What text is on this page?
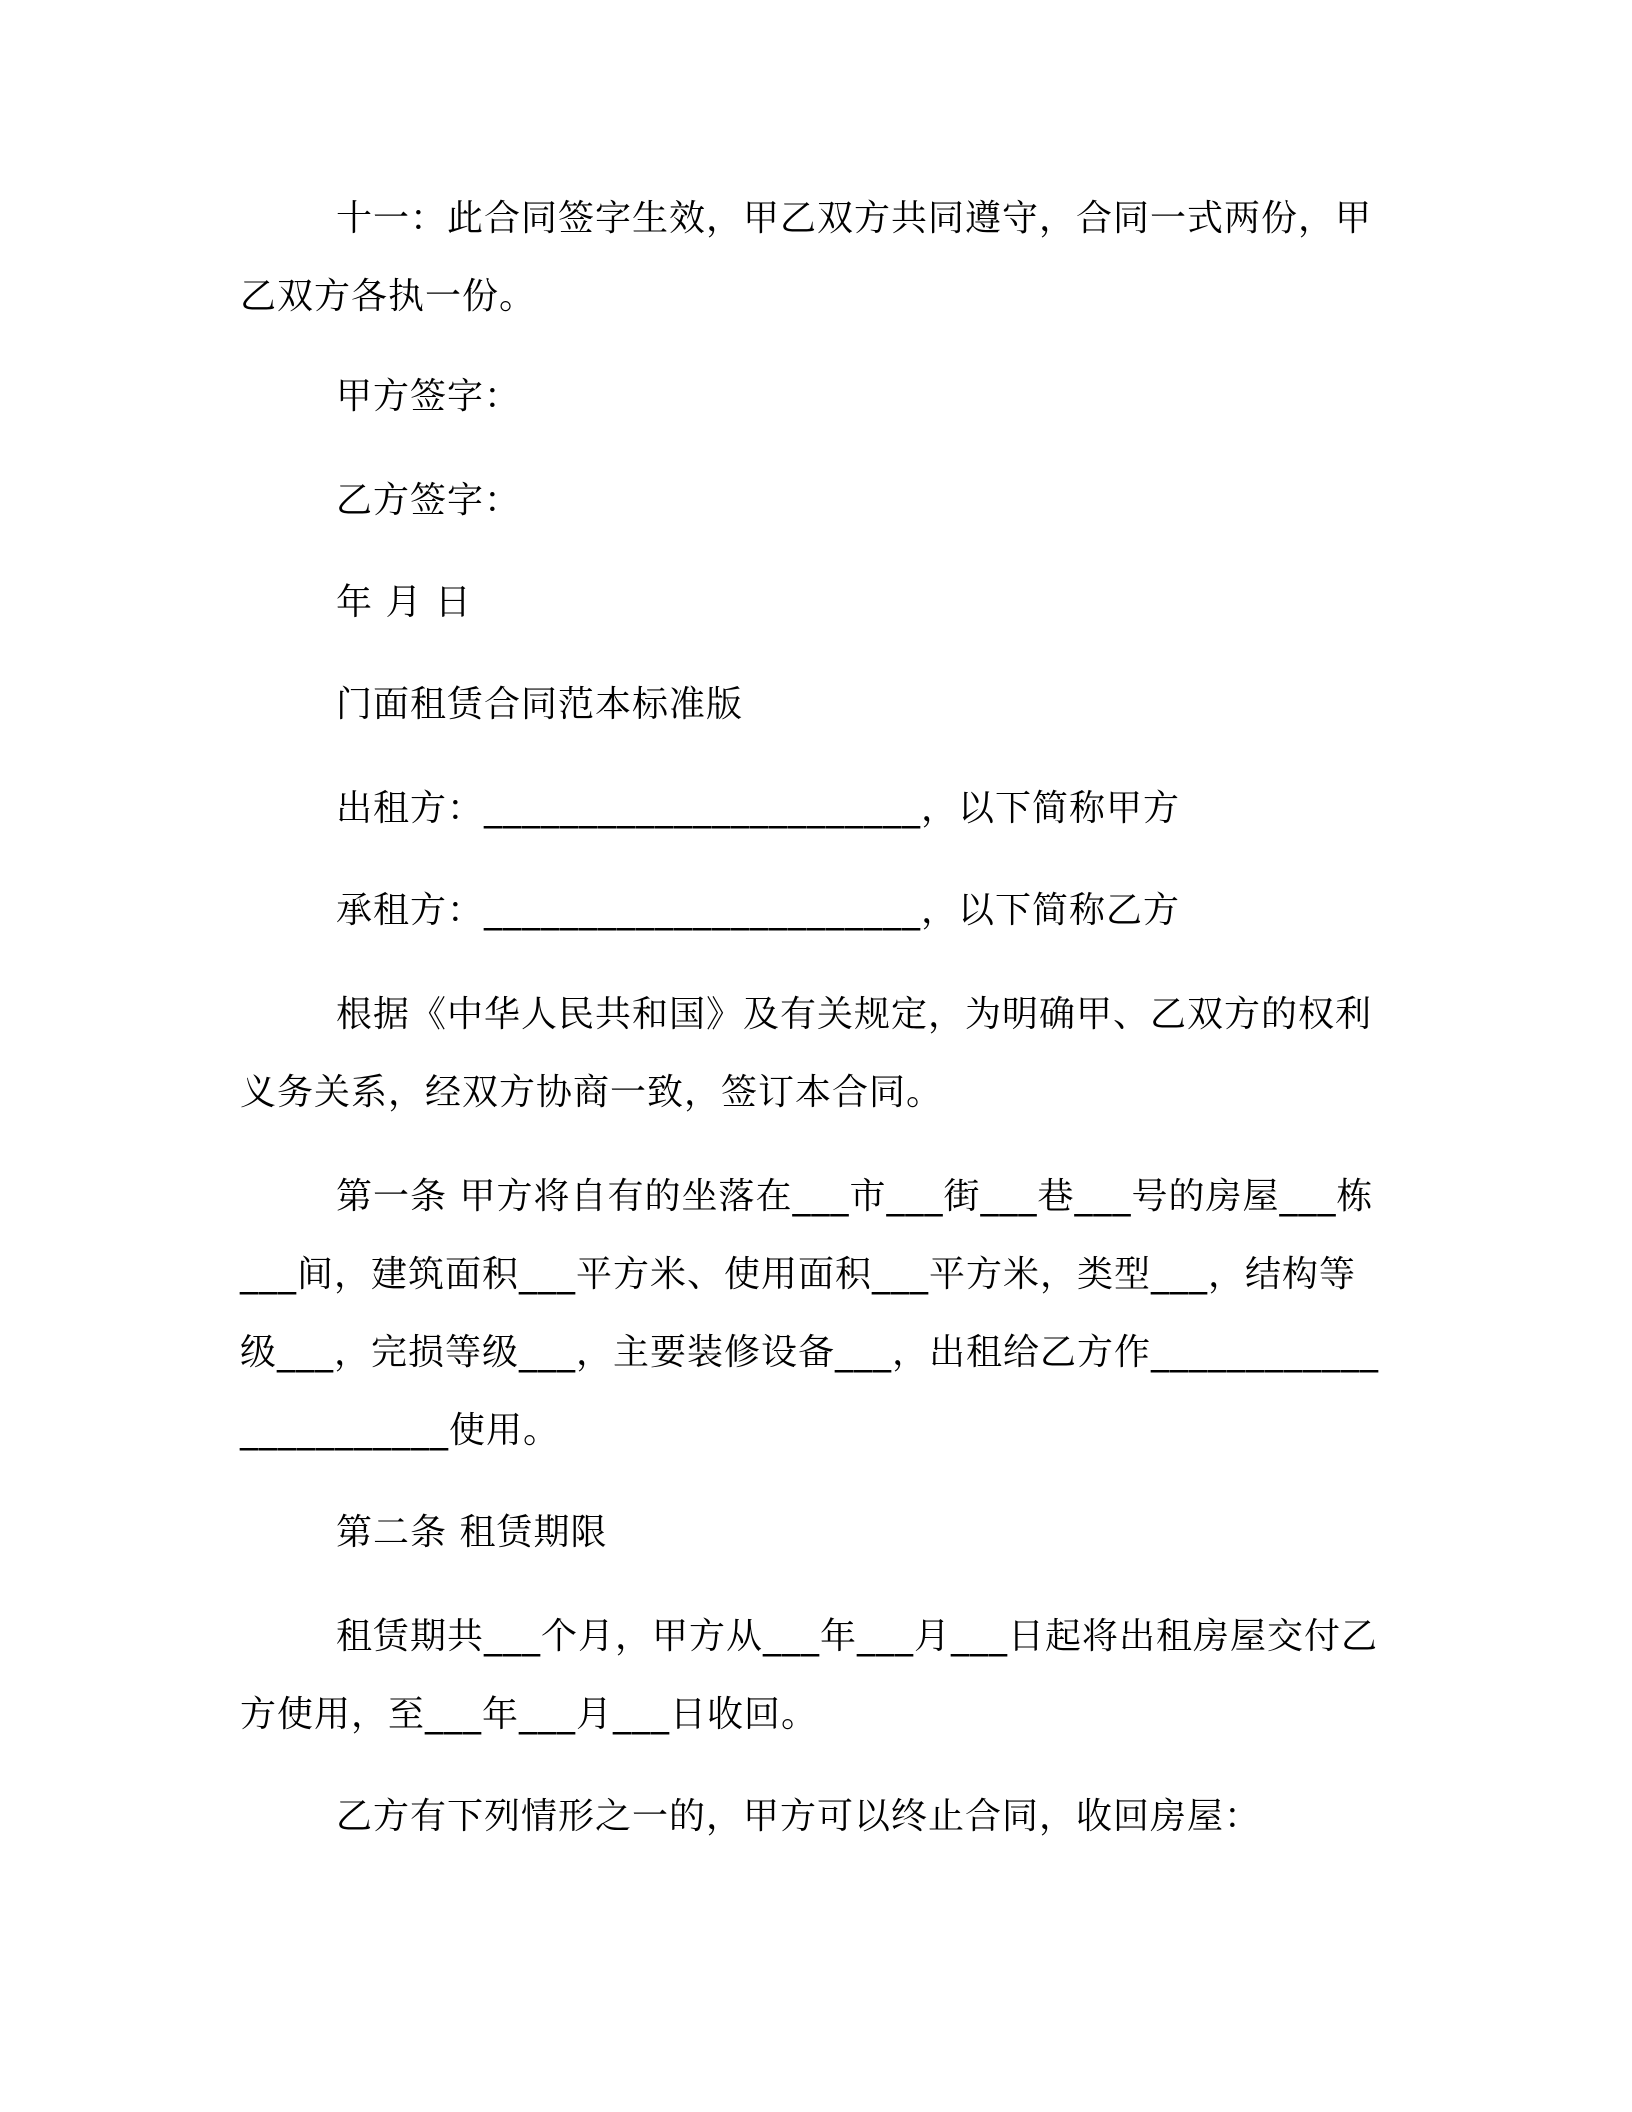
十一：此合同签字生效，甲乙双方共同遵守，合同一式两份，甲乙双方各执一份。

甲方签字：

乙方签字：

年 月 日

门面租赁合同范本标准版

出租方：_______________________，以下简称甲方

承租方：_______________________，以下简称乙方

根据《中华人民共和国》及有关规定，为明确甲、乙双方的权利义务关系，经双方协商一致，签订本合同。

第一条 甲方将自有的坐落在___市___街___巷___号的房屋___栋___间，建筑面积___平方米、使用面积___平方米，类型___，结构等级___，完损等级___，主要装修设备___，出租给乙方作_______________________使用。

第二条 租赁期限

租赁期共___个月，甲方从___年___月___日起将出租房屋交付乙方使用，至___年___月___日收回。

乙方有下列情形之一的，甲方可以终止合同，收回房屋：
